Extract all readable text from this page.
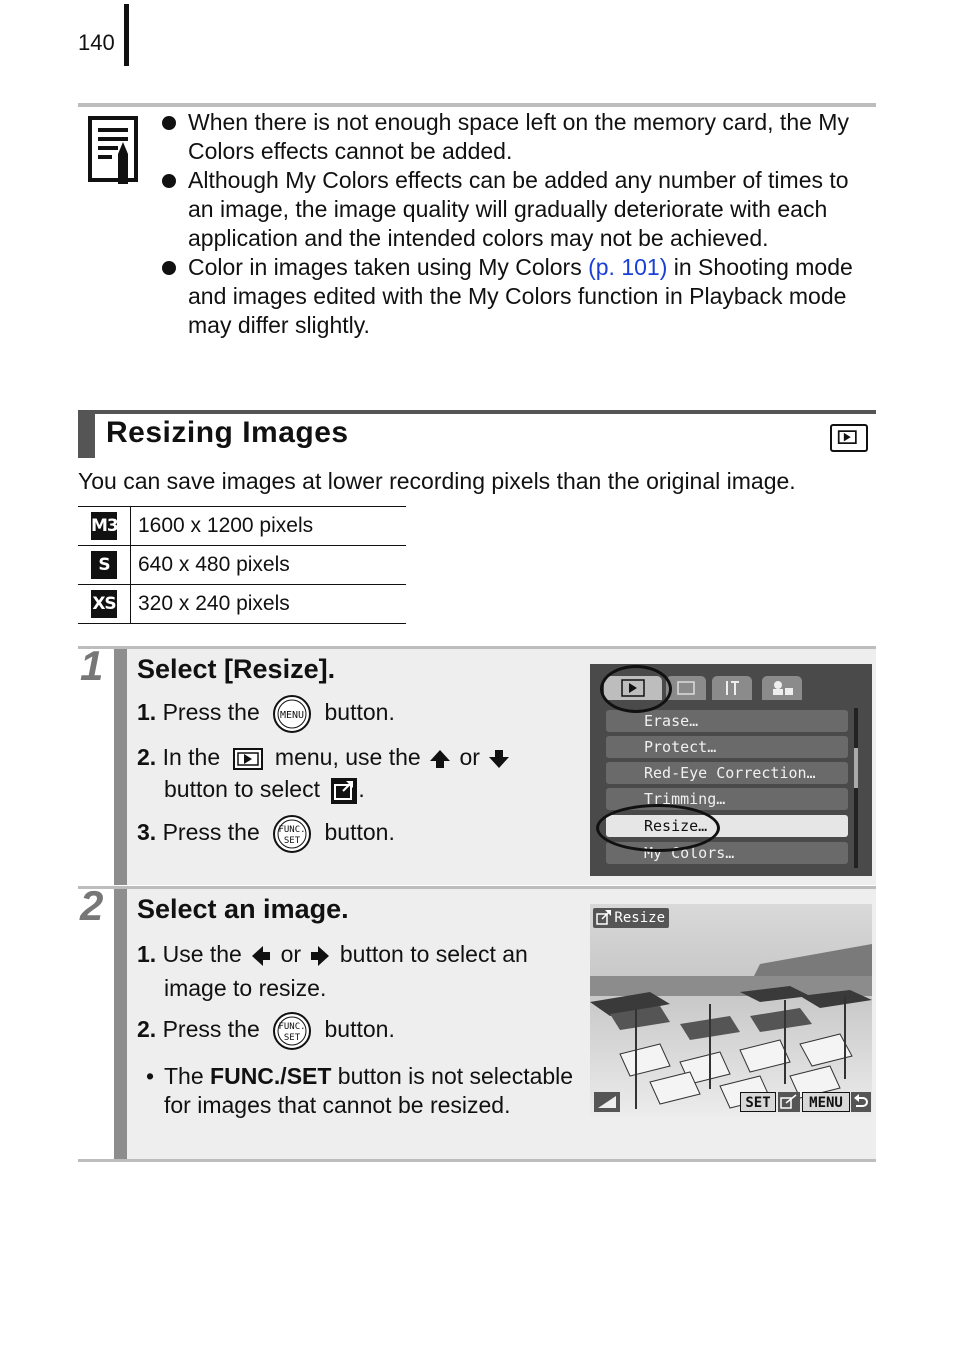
140
When there is not enough space left on the memory card, the My Colors effects cannot be added.
Although My Colors effects can be added any number of times to an image, the image quality will gradually deteriorate with each application and the intended colors may not be achieved.
Color in images taken using My Colors (p. 101) in Shooting mode and images edited with the My Colors function in Playback mode may differ slightly.
Resizing Images
You can save images at lower recording pixels than the original image.
M3	1600 x 1200 pixels
S	640 x 480 pixels
XS	320 x 240 pixels
1 Select [Resize].
1. Press the MENU button.
2. In the menu, use the or
button to select .
3. Press the FUNC.
SET button.
Erase…
Protect…
Red-Eye Correction…
Trimming…
Resize…
My Colors…
2 Select an image.
1. Use the or button to select an
image to resize.
2. Press the FUNC.
SET button.
• The FUNC./SET button is not selectable for images that cannot be resized.
Resize
SET	MENU
